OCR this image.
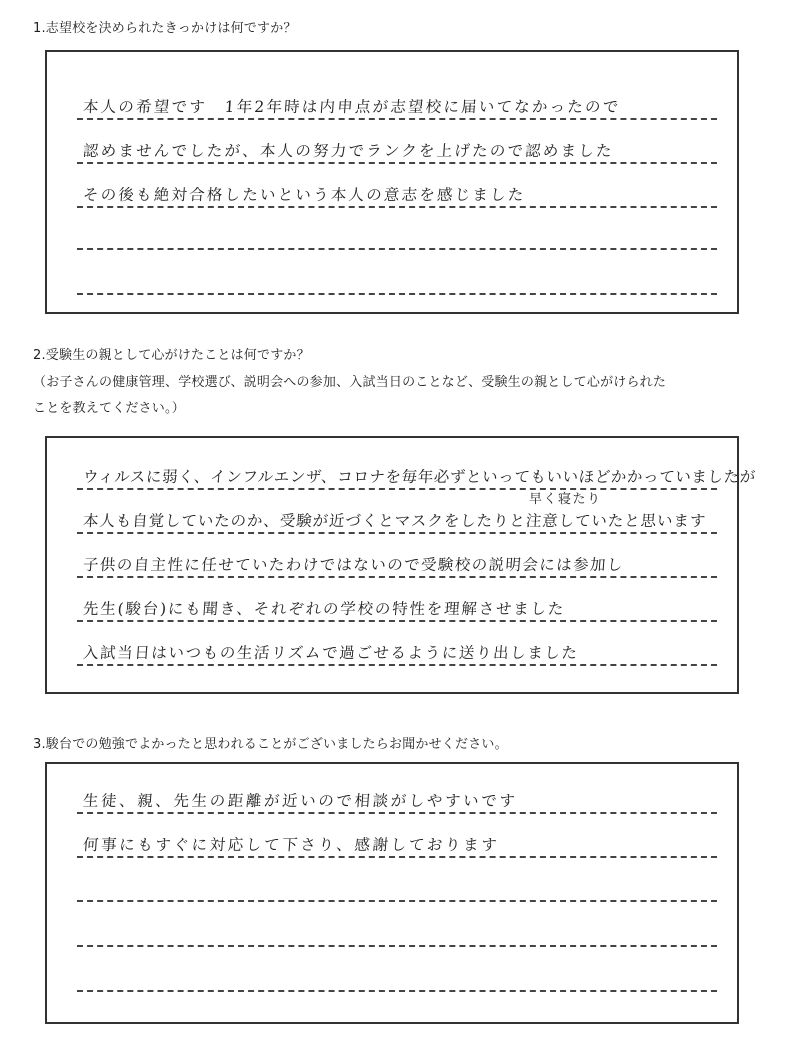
1.志望校を決められたきっかけは何ですか？
本人の希望です　1年2年時は内申点が志望校に届いてなかったので
認めませんでしたが、本人の努力でランクを上げたので認めました
その後も絶対合格したいという本人の意志を感じました
2.受験生の親として心がけたことは何ですか？
（お子さんの健康管理、学校選び、説明会への参加、入試当日のことなど、受験生の親として心がけられた
ことを教えてください。）
ウィルスに弱く、インフルエンザ、コロナを毎年必ずといってもいいほどかかっていましたが
早く寝たり
本人も自覚していたのか、受験が近づくとマスクをしたりと注意していたと思います
子供の自主性に任せていたわけではないので受験校の説明会には参加し
先生(駿台)にも聞き、それぞれの学校の特性を理解させました
入試当日はいつもの生活リズムで過ごせるように送り出しました
3.駿台での勉強でよかったと思われることがございましたらお聞かせください。
生徒、親、先生の距離が近いので相談がしやすいです
何事にもすぐに対応して下さり、感謝しております
